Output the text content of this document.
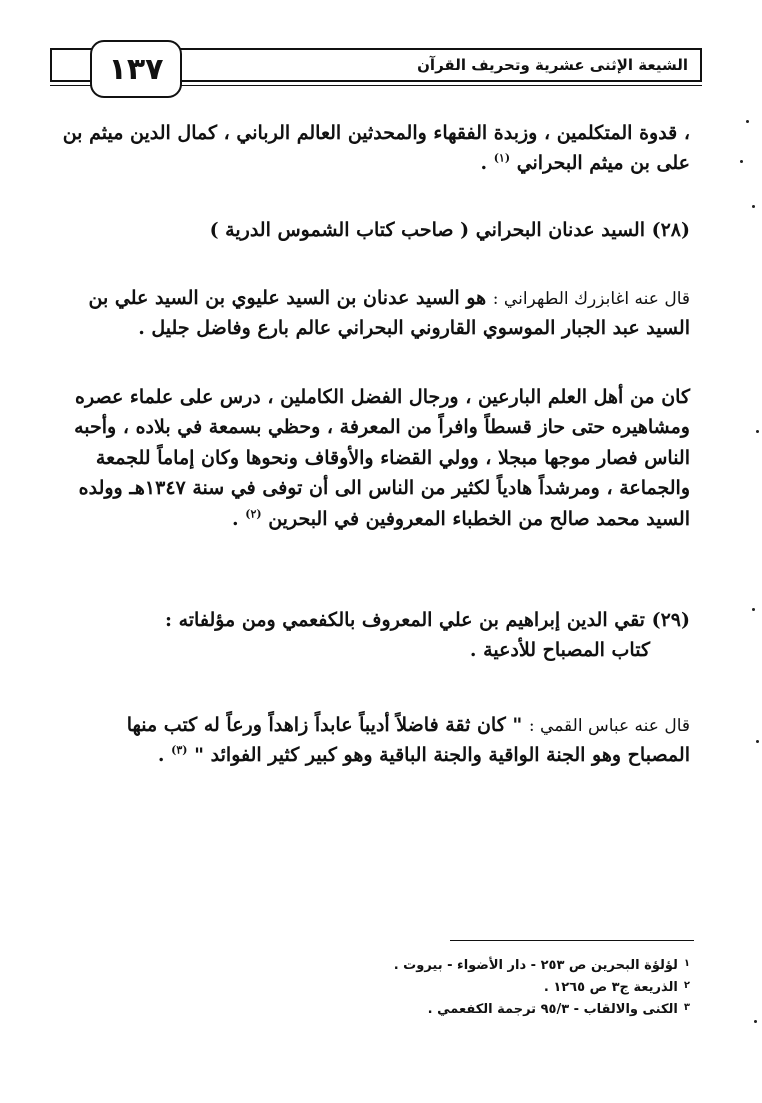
١٣٧	الشيعة الإثنى عشرية وتحريف القرآن
، قدوة المتكلمين ، وزبدة الفقهاء والمحدثين العالم الرباني ، كمال الدين ميثم بن على بن ميثم البحراني $^{(١)}$ .
(٢٨) السيد عدنان البحراني ( صاحب كتاب الشموس الدرية )
قال عنه اغابزرك الطهراني : هو السيد عدنان بن السيد عليوي بن السيد علي بن السيد عبد الجبار الموسوي القاروني البحراني عالم بارع وفاضل جليل .
كان من أهل العلم البارعين ، ورجال الفضل الكاملين ، درس على علماء عصره ومشاهيره حتى حاز قسطاً وافراً من المعرفة ، وحظي بسمعة في بلاده ، وأحبه الناس فصار موجها مبجلا ، وولي القضاء والأوقاف ونحوها وكان إماماً للجمعة والجماعة ، ومرشداً هادياً لكثير من الناس الى أن توفى في سنة ١٣٤٧هـ وولده السيد محمد صالح من الخطباء المعروفين في البحرين $^{(٢)}$ .
(٢٩) تقي الدين إبراهيم بن علي المعروف بالكفعمي ومن مؤلفاته :
كتاب المصباح للأدعية .
قال عنه عباس القمي : " كان ثقة فاضلاً أديباً عابداً زاهداً ورعاً له كتب منها المصباح وهو الجنة الواقية والجنة الباقية وهو كبير كثير الفوائد " $^{(٣)}$ .
١
لؤلؤة البحرين ص ٢٥٣ - دار الأضواء - بيروت .
٢
الذريعة ج٣ ص ١٢٦٥ .
٣
الكنى والالقاب - ٩٥/٣ ترجمة الكفعمي .
